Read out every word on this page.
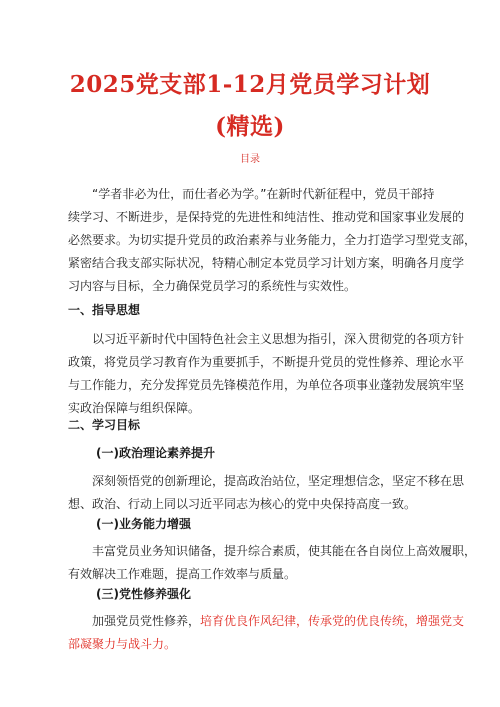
2025党支部1-12月党员学习计划
(精选)
目录
“学者非必为仕，而仕者必为学。”在新时代新征程中，党员干部持
续学习、不断进步，是保持党的先进性和纯洁性、推动党和国家事业发展的
必然要求。为切实提升党员的政治素养与业务能力，全力打造学习型党支部，
紧密结合我支部实际状况，特精心制定本党员学习计划方案，明确各月度学
习内容与目标，全力确保党员学习的系统性与实效性。
一、指导思想
以习近平新时代中国特色社会主义思想为指引，深入贯彻党的各项方针
政策，将党员学习教育作为重要抓手，不断提升党员的党性修养、理论水平
与工作能力，充分发挥党员先锋模范作用，为单位各项事业蓬勃发展筑牢坚
实政治保障与组织保障。
二、学习目标
(一)政治理论素养提升
深刻领悟党的创新理论，提高政治站位，坚定理想信念，坚定不移在思
想、政治、行动上同以习近平同志为核心的党中央保持高度一致。
(一)业务能力增强
丰富党员业务知识储备，提升综合素质，使其能在各自岗位上高效履职，
有效解决工作难题，提高工作效率与质量。
(三)党性修养强化
加强党员党性修养，培育优良作风纪律，传承党的优良传统，增强党支
部凝聚力与战斗力。
